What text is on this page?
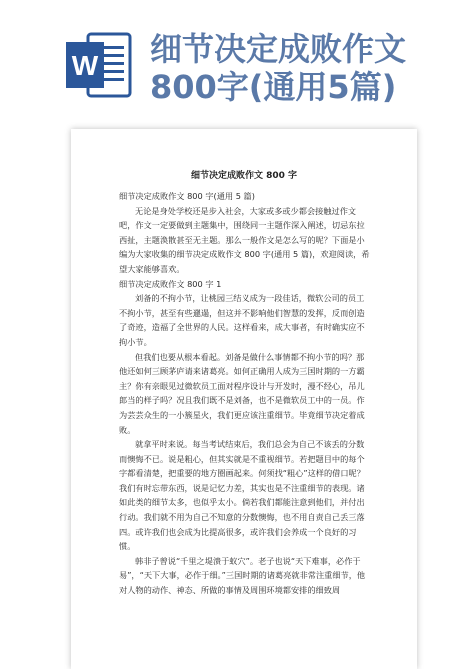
W 细节决定成败作文
800字(通用5篇)
细节决定成败作文 800 字

细节决定成败作文 800 字(通用 5 篇)

无论是身处学校还是步入社会，大家或多或少都会接触过作文吧，作文一定要做到主题集中，围绕同一主题作深入阐述，切忌东拉西扯，主题涣散甚至无主题。那么一般作文是怎么写的呢？下面是小编为大家收集的细节决定成败作文 800 字(通用 5 篇)，欢迎阅读，希望大家能够喜欢。

细节决定成败作文 800 字 1

刘备的不拘小节，让桃园三结义成为一段佳话，微软公司的员工不拘小节，甚至有些邋遢，但这并不影响他们智慧的发挥，反而创造了奇迹，造福了全世界的人民。这样看来，成大事者，有时确实应不拘小节。

但我们也要从根本看起。刘备是做什么事情都不拘小节的吗？那他还如何三顾茅庐请来诸葛亮。如何正确用人成为三国时期的一方霸主？你有亲眼见过微软员工面对程序设计与开发时，漫不经心，吊儿郎当的样子吗？况且我们既不是刘备，也不是微软员工中的一员。作为芸芸众生的一小簇星火，我们更应该注重细节。毕竟细节决定着成败。

就拿平时来说。每当考试结束后，我们总会为自己不该丢的分数而懊悔不已。说是粗心，但其实就是不重视细节。若把题目中的每个字都看清楚，把重要的地方圈画起来。何须找“粗心”这样的借口呢？我们有时忘带东西，说是记忆力差，其实也是不注重细节的表现。诸如此类的细节太多，也似乎太小。倘若我们都能注意到他们，并付出行动。我们就不用为自己不知意的分数懊悔，也不用自责自己丢三落四。或许我们也会成为比提高很多，或许我们会养成一个良好的习惯。

韩非子曾说“千里之堤溃于蚁穴”。老子也说“天下难事，必作于易”，“天下大事，必作于细。”三国时期的诸葛亮就非常注重细节，他对人物的动作、神态、所做的事情及周围环境都安排的细致周
